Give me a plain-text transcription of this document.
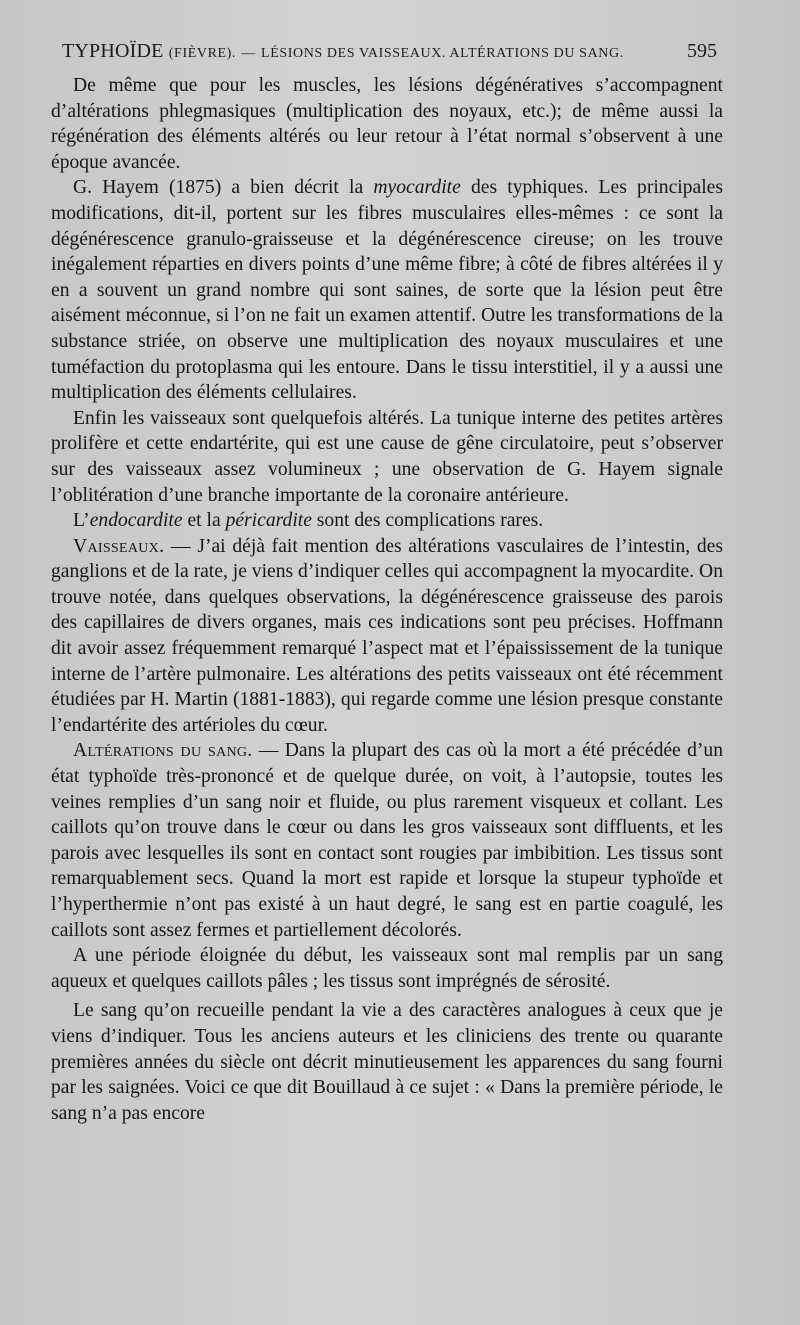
TYPHOÏDE (FIÈVRE). — LÉSIONS DES VAISSEAUX. ALTÉRATIONS DU SANG.	595

De même que pour les muscles, les lésions dégénératives s’accompagnent d’altérations phlegmasiques (multiplication des noyaux, etc.); de même aussi la régénération des éléments altérés ou leur retour à l’état normal s’observent à une époque avancée.

G. Hayem (1875) a bien décrit la myocardite des typhiques. Les principales modifications, dit-il, portent sur les fibres musculaires elles-mêmes : ce sont la dégénérescence granulo-graisseuse et la dégénérescence cireuse; on les trouve inégalement réparties en divers points d’une même fibre; à côté de fibres altérées il y en a souvent un grand nombre qui sont saines, de sorte que la lésion peut être aisément méconnue, si l’on ne fait un examen attentif. Outre les transformations de la substance striée, on observe une multiplication des noyaux musculaires et une tuméfaction du protoplasma qui les entoure. Dans le tissu interstitiel, il y a aussi une multiplication des éléments cellulaires.

Enfin les vaisseaux sont quelquefois altérés. La tunique interne des petites artères prolifère et cette endartérite, qui est une cause de gêne circulatoire, peut s’observer sur des vaisseaux assez volumineux ; une observation de G. Hayem signale l’oblitération d’une branche importante de la coronaire antérieure.

L’endocardite et la péricardite sont des complications rares.

Vaisseaux. — J’ai déjà fait mention des altérations vasculaires de l’intestin, des ganglions et de la rate, je viens d’indiquer celles qui accompagnent la myocardite. On trouve notée, dans quelques observations, la dégénérescence graisseuse des parois des capillaires de divers organes, mais ces indications sont peu précises. Hoffmann dit avoir assez fréquemment remarqué l’aspect mat et l’épaississement de la tunique interne de l’artère pulmonaire. Les altérations des petits vaisseaux ont été récemment étudiées par H. Martin (1881-1883), qui regarde comme une lésion presque constante l’endartérite des artérioles du cœur.

Altérations du sang. — Dans la plupart des cas où la mort a été précédée d’un état typhoïde très-prononcé et de quelque durée, on voit, à l’autopsie, toutes les veines remplies d’un sang noir et fluide, ou plus rarement visqueux et collant. Les caillots qu’on trouve dans le cœur ou dans les gros vaisseaux sont diffluents, et les parois avec lesquelles ils sont en contact sont rougies par imbibition. Les tissus sont remarquablement secs. Quand la mort est rapide et lorsque la stupeur typhoïde et l’hyperthermie n’ont pas existé à un haut degré, le sang est en partie coagulé, les caillots sont assez fermes et partiellement décolorés.

A une période éloignée du début, les vaisseaux sont mal remplis par un sang aqueux et quelques caillots pâles ; les tissus sont imprégnés de sérosité.

Le sang qu’on recueille pendant la vie a des caractères analogues à ceux que je viens d’indiquer. Tous les anciens auteurs et les cliniciens des trente ou quarante premières années du siècle ont décrit minutieusement les apparences du sang fourni par les saignées. Voici ce que dit Bouillaud à ce sujet : « Dans la première période, le sang n’a pas encore
